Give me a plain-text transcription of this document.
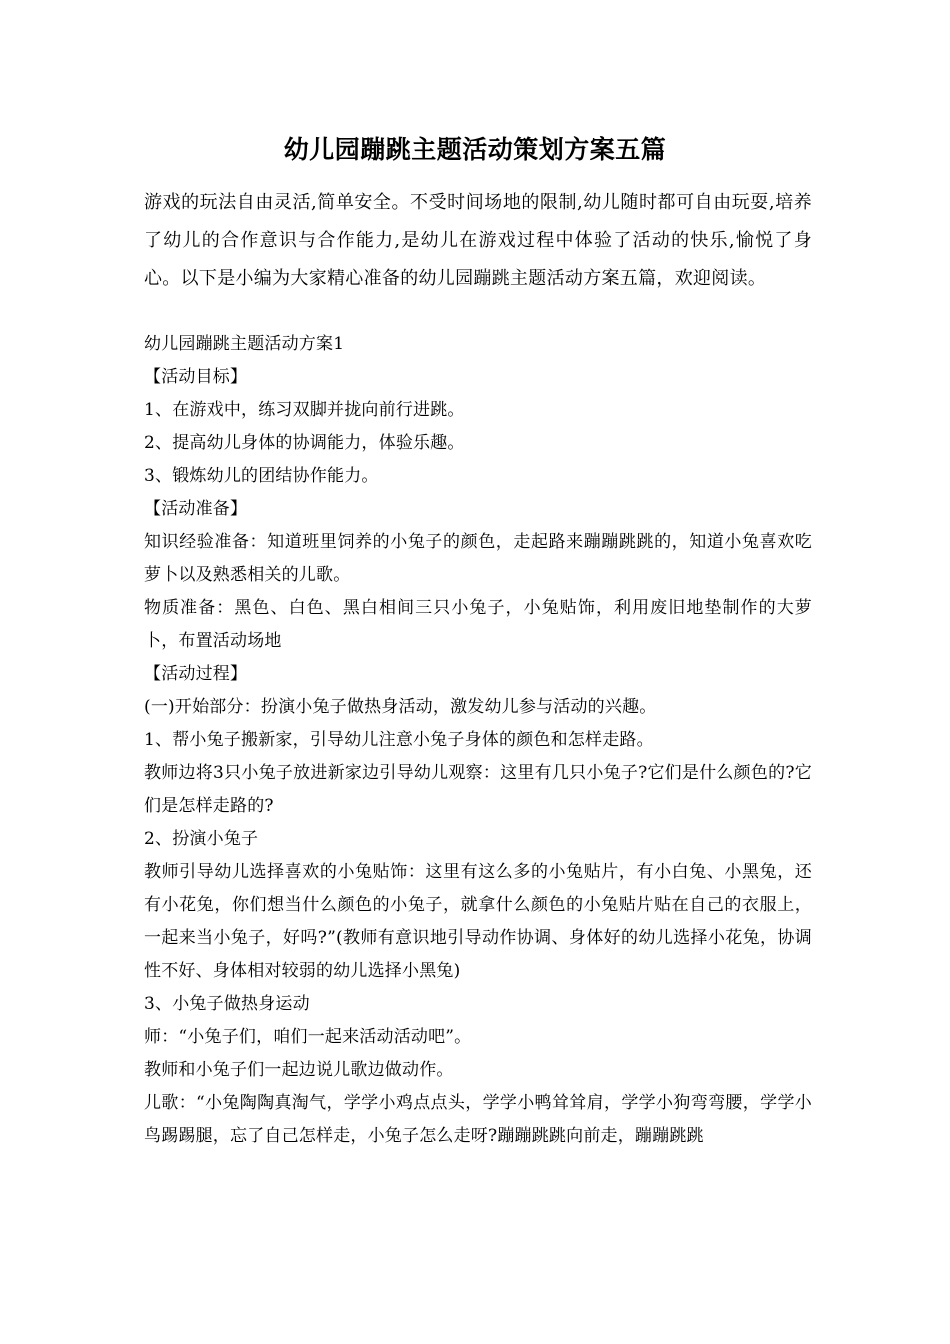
幼儿园蹦跳主题活动策划方案五篇

游戏的玩法自由灵活,简单安全。不受时间场地的限制,幼儿随时都可自由玩耍,培养了幼儿的合作意识与合作能力,是幼儿在游戏过程中体验了活动的快乐,愉悦了身心。以下是小编为大家精心准备的幼儿园蹦跳主题活动方案五篇，欢迎阅读。

幼儿园蹦跳主题活动方案1

【活动目标】

1、在游戏中，练习双脚并拢向前行进跳。

2、提高幼儿身体的协调能力，体验乐趣。

3、锻炼幼儿的团结协作能力。

【活动准备】

知识经验准备：知道班里饲养的小兔子的颜色，走起路来蹦蹦跳跳的，知道小兔喜欢吃萝卜以及熟悉相关的儿歌。

物质准备：黑色、白色、黑白相间三只小兔子，小兔贴饰，利用废旧地垫制作的大萝卜，布置活动场地

【活动过程】

(一)开始部分：扮演小兔子做热身活动，激发幼儿参与活动的兴趣。

1、帮小兔子搬新家，引导幼儿注意小兔子身体的颜色和怎样走路。

教师边将3只小兔子放进新家边引导幼儿观察：这里有几只小兔子?它们是什么颜色的?它们是怎样走路的?

2、扮演小兔子

教师引导幼儿选择喜欢的小兔贴饰：这里有这么多的小兔贴片，有小白兔、小黑兔，还有小花兔，你们想当什么颜色的小兔子，就拿什么颜色的小兔贴片贴在自己的衣服上，一起来当小兔子，好吗?”(教师有意识地引导动作协调、身体好的幼儿选择小花兔，协调性不好、身体相对较弱的幼儿选择小黑兔)

3、小兔子做热身运动

师：“小兔子们，咱们一起来活动活动吧”。

教师和小兔子们一起边说儿歌边做动作。

儿歌：“小兔陶陶真淘气，学学小鸡点点头，学学小鸭耸耸肩，学学小狗弯弯腰，学学小鸟踢踢腿，忘了自己怎样走，小兔子怎么走呀?蹦蹦跳跳向前走，蹦蹦跳跳
